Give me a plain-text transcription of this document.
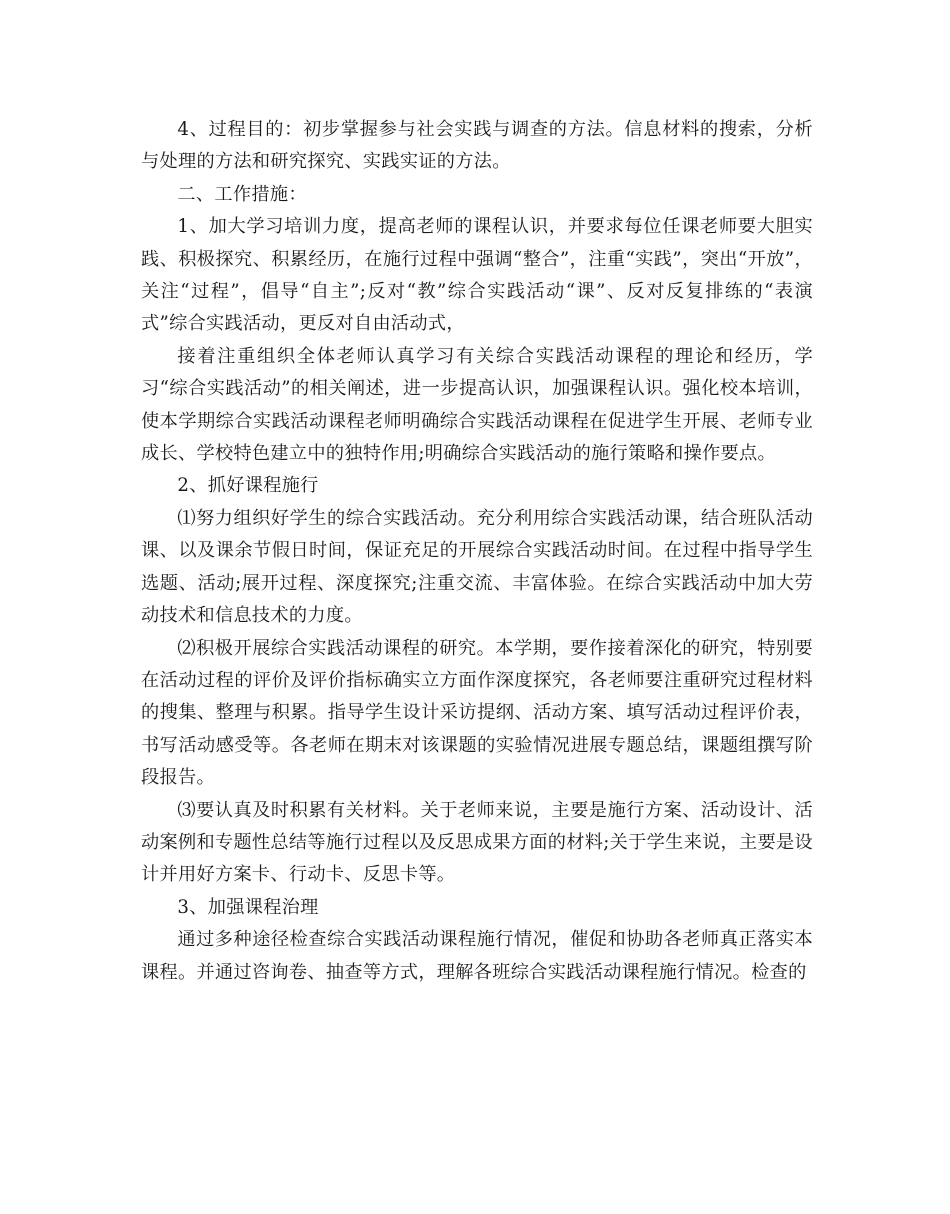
4、过程目的：初步掌握参与社会实践与调查的方法。信息材料的搜索，分析与处理的方法和研究探究、实践实证的方法。

二、工作措施：

1、加大学习培训力度，提高老师的课程认识，并要求每位任课老师要大胆实践、积极探究、积累经历，在施行过程中强调“整合”，注重“实践”，突出“开放”，关注“过程”，倡导“自主”;反对“教”综合实践活动“课”、反对反复排练的“表演式”综合实践活动，更反对自由活动式，

接着注重组织全体老师认真学习有关综合实践活动课程的理论和经历，学习“综合实践活动”的相关阐述，进一步提高认识，加强课程认识。强化校本培训，使本学期综合实践活动课程老师明确综合实践活动课程在促进学生开展、老师专业成长、学校特色建立中的独特作用;明确综合实践活动的施行策略和操作要点。

2、抓好课程施行

⑴努力组织好学生的综合实践活动。充分利用综合实践活动课，结合班队活动课、以及课余节假日时间，保证充足的开展综合实践活动时间。在过程中指导学生选题、活动;展开过程、深度探究;注重交流、丰富体验。在综合实践活动中加大劳动技术和信息技术的力度。

⑵积极开展综合实践活动课程的研究。本学期，要作接着深化的研究，特别要在活动过程的评价及评价指标确实立方面作深度探究，各老师要注重研究过程材料的搜集、整理与积累。指导学生设计采访提纲、活动方案、填写活动过程评价表，书写活动感受等。各老师在期末对该课题的实验情况进展专题总结，课题组撰写阶段报告。

⑶要认真及时积累有关材料。关于老师来说，主要是施行方案、活动设计、活动案例和专题性总结等施行过程以及反思成果方面的材料;关于学生来说，主要是设计并用好方案卡、行动卡、反思卡等。

3、加强课程治理

通过多种途径检查综合实践活动课程施行情况，催促和协助各老师真正落实本课程。并通过咨询卷、抽查等方式，理解各班综合实践活动课程施行情况。检查的
